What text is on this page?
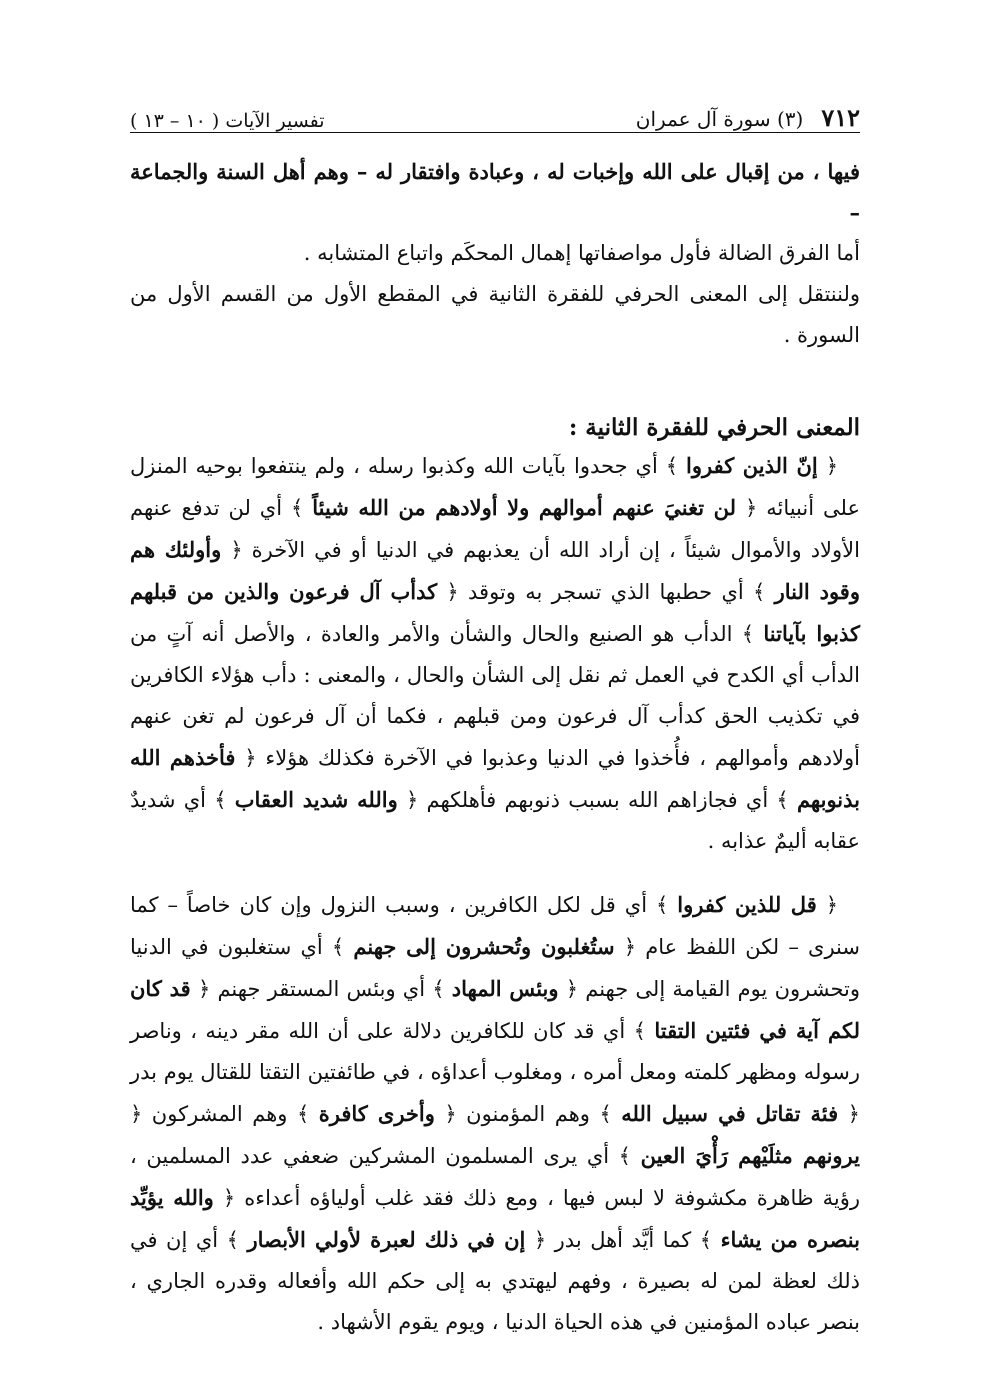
٧١٢
(٣) سورة آل عمران
تفسير الآيات ( ١٠ – ١٣ )

فيها ، من إقبال على الله وإخبات له ، وعبادة وافتقار له – وهم أهل السنة والجماعة –

أما الفرق الضالة فأول مواصفاتها إهمال المحكَم واتباع المتشابه .

ولننتقل إلى المعنى الحرفي للفقرة الثانية في المقطع الأول من القسم الأول من السورة .

المعنى الحرفي للفقرة الثانية :

﴿ إنّ الذين كفروا ﴾ أي جحدوا بآيات الله وكذبوا رسله ، ولم ينتفعوا بوحيه المنزل على أنبيائه ﴿ لن تغنيَ عنهم أموالهم ولا أولادهم من الله شيئاً ﴾ أي لن تدفع عنهم الأولاد والأموال شيئاً ، إن أراد الله أن يعذبهم في الدنيا أو في الآخرة ﴿ وأولئك هم وقود النار ﴾ أي حطبها الذي تسجر به وتوقد ﴿ كدأب آل فرعون والذين من قبلهم كذبوا بآياتنا ﴾ الدأب هو الصنيع والحال والشأن والأمر والعادة ، والأصل أنه آتٍ من الدأب أي الكدح في العمل ثم نقل إلى الشأن والحال ، والمعنى : دأب هؤلاء الكافرين في تكذيب الحق كدأب آل فرعون ومن قبلهم ، فكما أن آل فرعون لم تغن عنهم أولادهم وأموالهم ، فأُخذوا في الدنيا وعذبوا في الآخرة فكذلك هؤلاء ﴿ فأخذهم الله بذنوبهم ﴾ أي فجازاهم الله بسبب ذنوبهم فأهلكهم ﴿ والله شديد العقاب ﴾ أي شديدٌ عقابه أليمٌ عذابه .

﴿ قل للذين كفروا ﴾ أي قل لكل الكافرين ، وسبب النزول وإن كان خاصاً – كما سنرى – لكن اللفظ عام ﴿ ستُغلبون وتُحشرون إلى جهنم ﴾ أي ستغلبون في الدنيا وتحشرون يوم القيامة إلى جهنم ﴿ وبئس المهاد ﴾ أي وبئس المستقر جهنم ﴿ قد كان لكم آية في فئتين التقتا ﴾ أي قد كان للكافرين دلالة على أن الله مقر دينه ، وناصر رسوله ومظهر كلمته ومعل أمره ، ومغلوب أعداؤه ، في طائفتين التقتا للقتال يوم بدر ﴿ فئة تقاتل في سبيل الله ﴾ وهم المؤمنون ﴿ وأخرى كافرة ﴾ وهم المشركون ﴿ يرونهم مثلَيْهم رَأْيَ العين ﴾ أي يرى المسلمون المشركين ضعفي عدد المسلمين ، رؤية ظاهرة مكشوفة لا لبس فيها ، ومع ذلك فقد غلب أولياؤه أعداءه ﴿ والله يؤيِّد بنصره من يشاء ﴾ كما أيَّد أهل بدر ﴿ إن في ذلك لعبرة لأولي الأبصار ﴾ أي إن في ذلك لعظة لمن له بصيرة ، وفهم ليهتدي به إلى حكم الله وأفعاله وقدره الجاري ، بنصر عباده المؤمنين في هذه الحياة الدنيا ، ويوم يقوم الأشهاد .
